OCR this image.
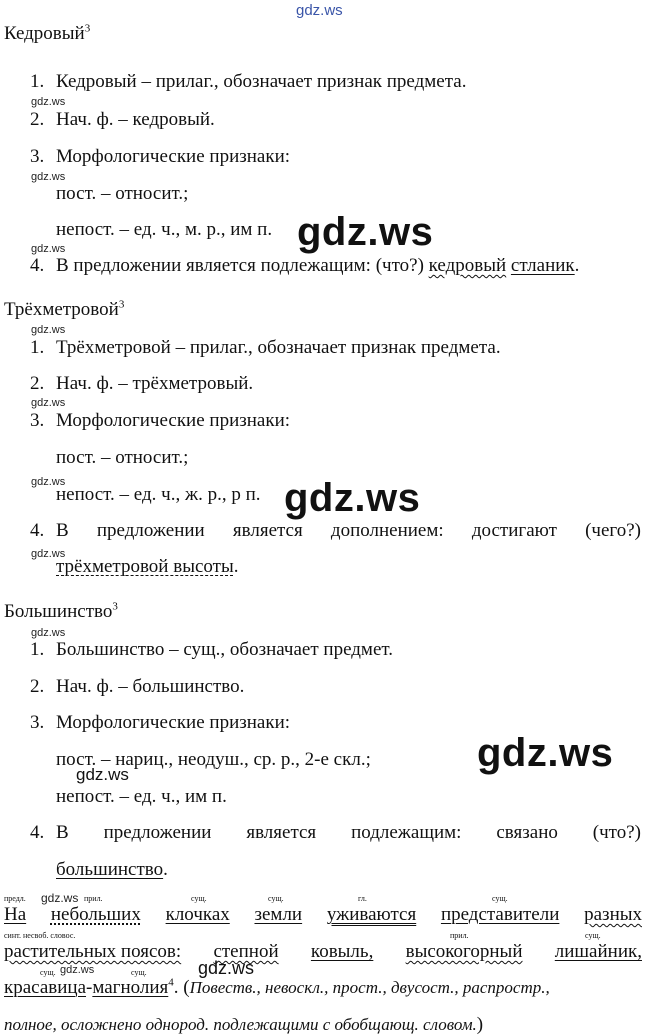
gdz.ws
Кедровый$^3$
1. Кедровый – прилаг., обозначает признак предмета.
gdz.ws
2. Нач. ф. – кедровый.
3. Морфологические признаки:
gdz.ws
пост. – относит.;
непост. – ед. ч., м. р., им п. gdz.ws
gdz.ws
4. В предложении является подлежащим: (что?) кедровый стланик.
Трёхметровой$^3$
gdz.ws
1. Трёхметровой – прилаг., обозначает признак предмета.
2. Нач. ф. – трёхметровый.
gdz.ws
3. Морфологические признаки:
пост. – относит.;
gdz.ws
непост. – ед. ч., ж. р., р п. gdz.ws
4. В предложении является дополнением: достигают (чего?)
gdz.ws
трёхметровой высоты.
Большинство$^3$
gdz.ws
1. Большинство – сущ., обозначает предмет.
2. Нач. ф. – большинство.
3. Морфологические признаки:
пост. – нариц., неодуш., ср. р., 2-е скл.;	gdz.ws
gdz.ws
непост. – ед. ч., им п.
4. В предложении является подлежащим: связано (что?)
большинство.
предл. gdz.ws прил.	сущ.	сущ.	гл.	сущ.
На небольших клочках земли уживаются представители разных
синт. несвоб. словос.	прил.	сущ.
растительных поясов: степной ковыль, высокогорный лишайник,
сущ. gdz.ws	сущ.	gdz.ws
красавица-магнолия$^4$. (Повеств., невоскл., прост., двусост., распростр.,
полное, осложнено однород. подлежащими с обобщающ. словом.)
